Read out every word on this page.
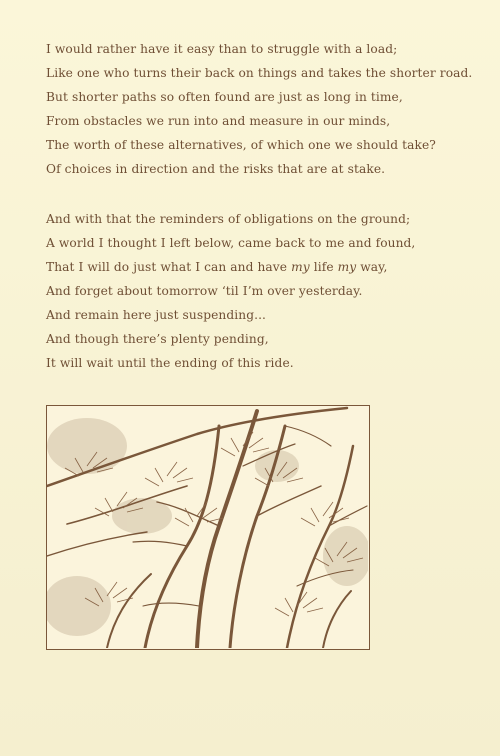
I would rather have it easy than to struggle with a load;
Like one who turns their back on things and takes the shorter road.
But shorter paths so often found are just as long in time,
From obstacles we run into and measure in our minds,
The worth of these alternatives, of which one we should take?
Of choices in direction and the risks that are at stake.
And with that the reminders of obligations on the ground;
A world I thought I left below, came back to me and found,
That I will do just what I can and have my life my way,
And forget about tomorrow ‘til I’m over yesterday.
And remain here just suspending...
And though there’s plenty pending,
It will wait until the ending of this ride.
